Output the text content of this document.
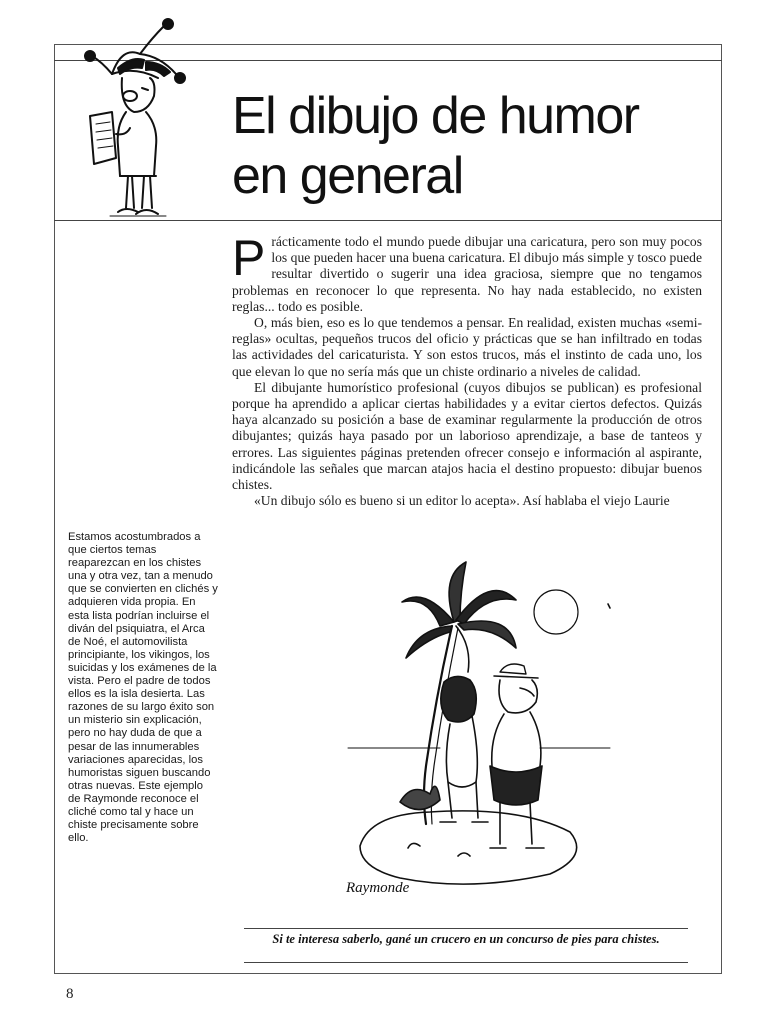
El dibujo de humor
en general

Prácticamente todo el mundo puede dibujar una caricatura, pero son muy pocos los que pueden hacer una buena caricatura. El dibujo más simple y tosco puede resultar divertido o sugerir una idea graciosa, siempre que no tengamos problemas en reconocer lo que representa. No hay nada establecido, no existen reglas... todo es posible.

O, más bien, eso es lo que tendemos a pensar. En realidad, existen muchas «semi-reglas» ocultas, pequeños trucos del oficio y prácticas que se han infiltrado en todas las actividades del caricaturista. Y son estos trucos, más el instinto de cada uno, los que elevan lo que no sería más que un chiste ordinario a niveles de calidad.

El dibujante humorístico profesional (cuyos dibujos se publican) es profesional porque ha aprendido a aplicar ciertas habilidades y a evitar ciertos defectos. Quizás haya alcanzado su posición a base de examinar regularmente la producción de otros dibujantes; quizás haya pasado por un laborioso aprendizaje, a base de tanteos y errores. Las siguientes páginas pretenden ofrecer consejo e información al aspirante, indicándole las señales que marcan atajos hacia el destino propuesto: dibujar buenos chistes.

«Un dibujo sólo es bueno si un editor lo acepta». Así hablaba el viejo Laurie

Estamos acostumbrados a que ciertos temas reaparezcan en los chistes una y otra vez, tan a menudo que se convierten en clichés y adquieren vida propia. En esta lista podrían incluirse el diván del psiquiatra, el Arca de Noé, el automovilista principiante, los vikingos, los suicidas y los exámenes de la vista. Pero el padre de todos ellos es la isla desierta. Las razones de su largo éxito son un misterio sin explicación, pero no hay duda de que a pesar de las innumerables variaciones aparecidas, los humoristas siguen buscando otras nuevas. Este ejemplo de Raymonde reconoce el cliché como tal y hace un chiste precisamente sobre ello.
Raymonde
Si te interesa saberlo, gané un crucero en un concurso de pies para chistes.
8
